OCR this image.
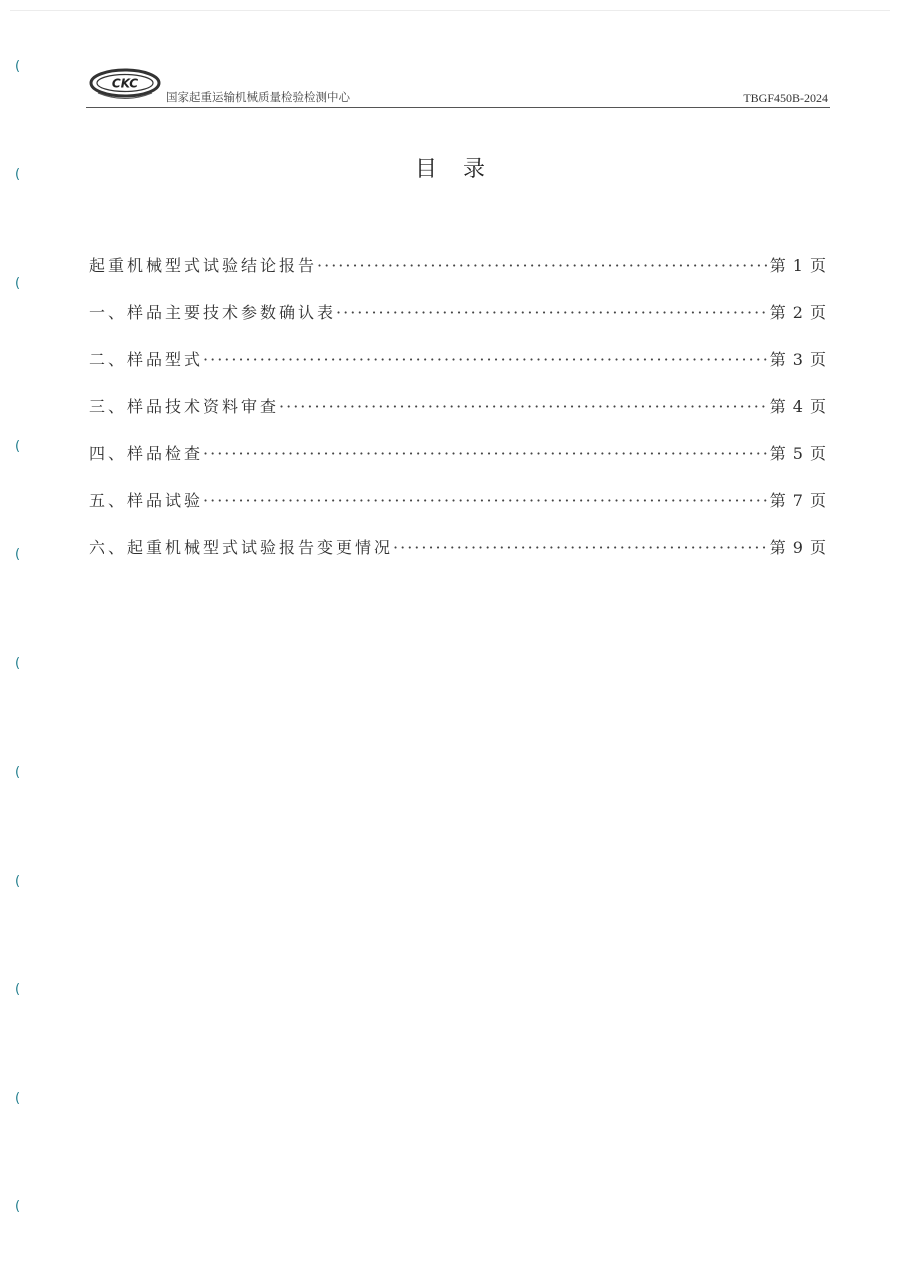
(
(
(
(
(
(
(
(
(
(
(
CKC
国家起重运输机械质量检验检测中心	TBGF450B-2024
目录
起重机械型式试验结论报告 ·····	第 1 页
一、样品主要技术参数确认表 ·····	第 2 页
二、样品型式 ·····	第 3 页
三、样品技术资料审查 ·····	第 4 页
四、样品检查 ·····	第 5 页
五、样品试验 ·····	第 7 页
六、起重机械型式试验报告变更情况 ·····	第 9 页
